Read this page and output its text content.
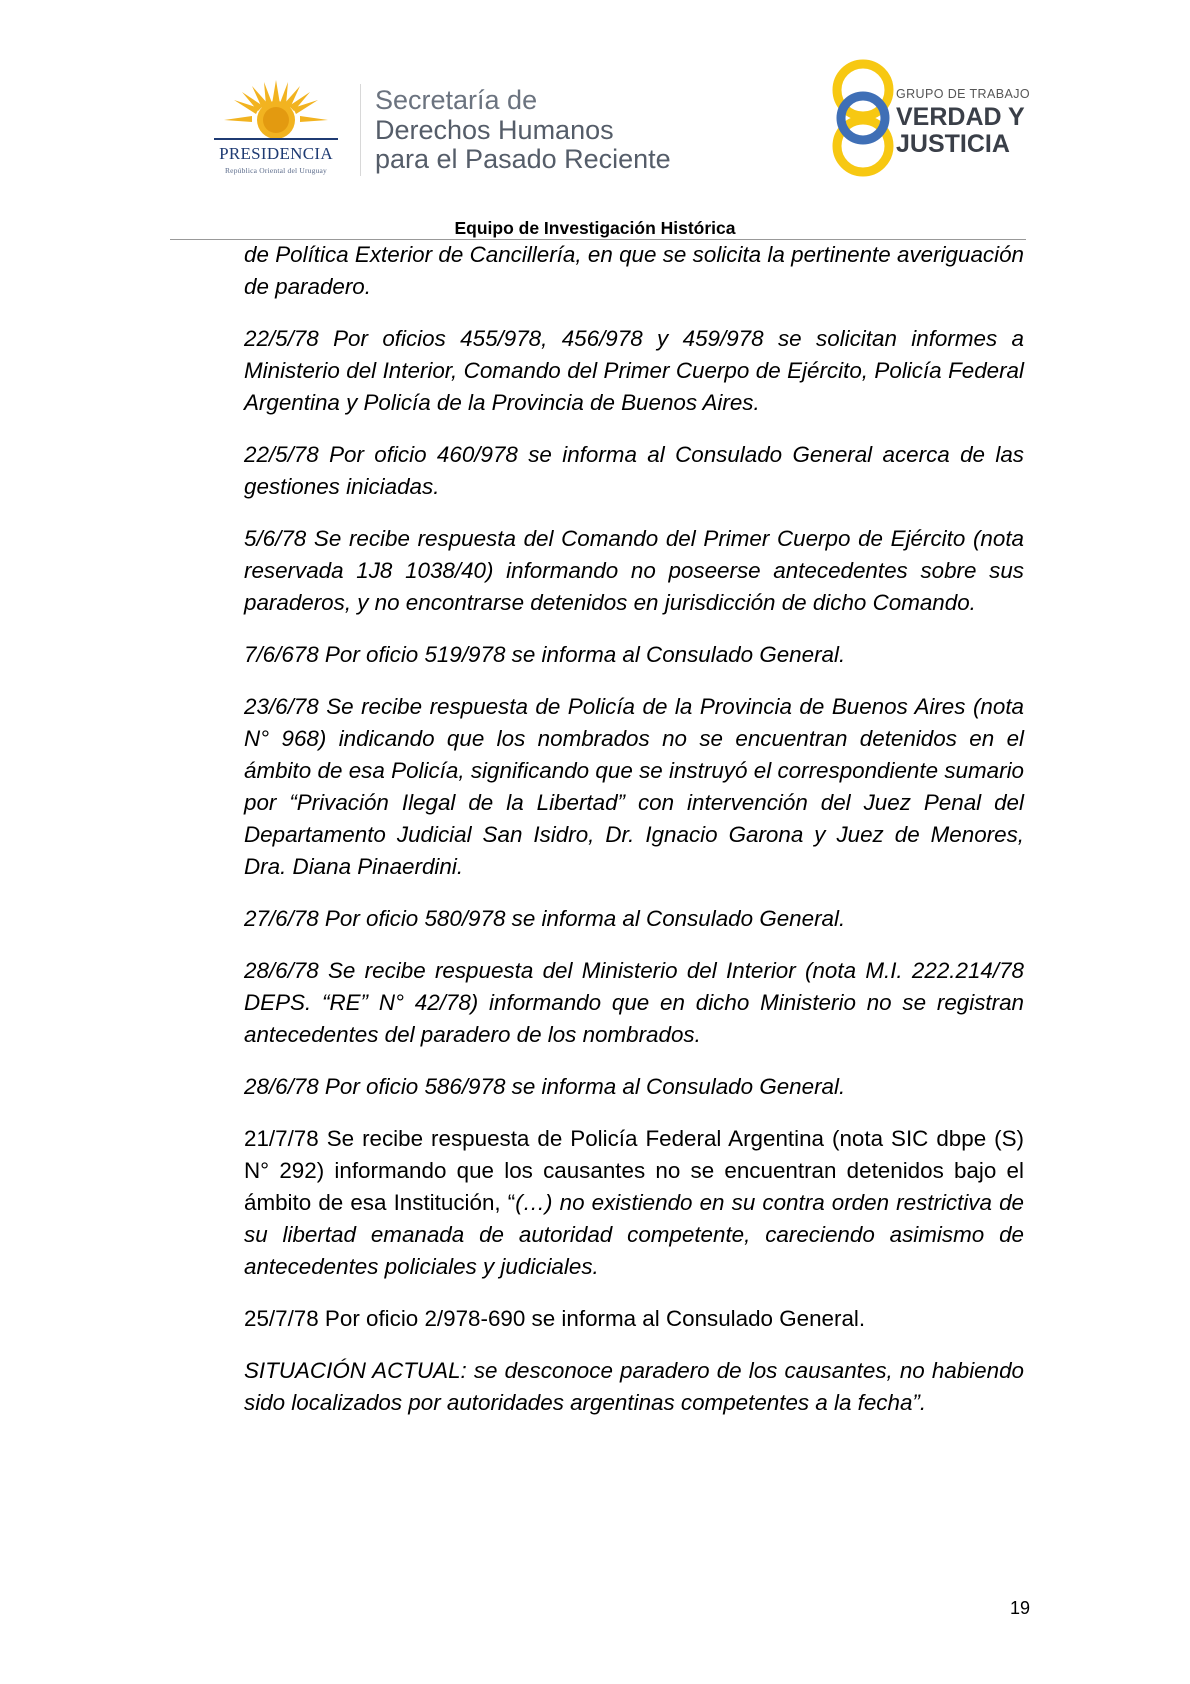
PRESIDENCIA
República Oriental del Uruguay
Secretaría de
Derechos Humanos
para el Pasado Reciente
GRUPO DE TRABAJO
VERDAD Y
JUSTICIA
Equipo de Investigación Histórica

de Política Exterior de Cancillería, en que se solicita la pertinente averiguación de paradero.

22/5/78 Por oficios 455/978, 456/978 y 459/978 se solicitan informes a Ministerio del Interior, Comando del Primer Cuerpo de Ejército, Policía Federal Argentina y Policía de la Provincia de Buenos Aires.

22/5/78 Por oficio 460/978 se informa al Consulado General acerca de las gestiones iniciadas.

5/6/78 Se recibe respuesta del Comando del Primer Cuerpo de Ejército (nota reservada 1J8 1038/40) informando no poseerse antecedentes sobre sus paraderos, y no encontrarse detenidos en jurisdicción de dicho Comando.

7/6/678 Por oficio 519/978 se informa al Consulado General.

23/6/78 Se recibe respuesta de Policía de la Provincia de Buenos Aires (nota N° 968) indicando que los nombrados no se encuentran detenidos en el ámbito de esa Policía, significando que se instruyó el correspondiente sumario por “Privación Ilegal de la Libertad” con intervención del Juez Penal del Departamento Judicial San Isidro, Dr. Ignacio Garona y Juez de Menores, Dra. Diana Pinaerdini.

27/6/78 Por oficio 580/978 se informa al Consulado General.

28/6/78 Se recibe respuesta del Ministerio del Interior (nota M.I. 222.214/78 DEPS. “RE” N° 42/78) informando que en dicho Ministerio no se registran antecedentes del paradero de los nombrados.

28/6/78 Por oficio 586/978 se informa al Consulado General.

21/7/78 Se recibe respuesta de Policía Federal Argentina (nota SIC dbpe (S) N° 292) informando que los causantes no se encuentran detenidos bajo el ámbito de esa Institución, “(…) no existiendo en su contra orden restrictiva de su libertad emanada de autoridad competente, careciendo asimismo de antecedentes policiales y judiciales.

25/7/78 Por oficio 2/978-690 se informa al Consulado General.

SITUACIÓN ACTUAL: se desconoce paradero de los causantes, no habiendo sido localizados por autoridades argentinas competentes a la fecha”.

19
